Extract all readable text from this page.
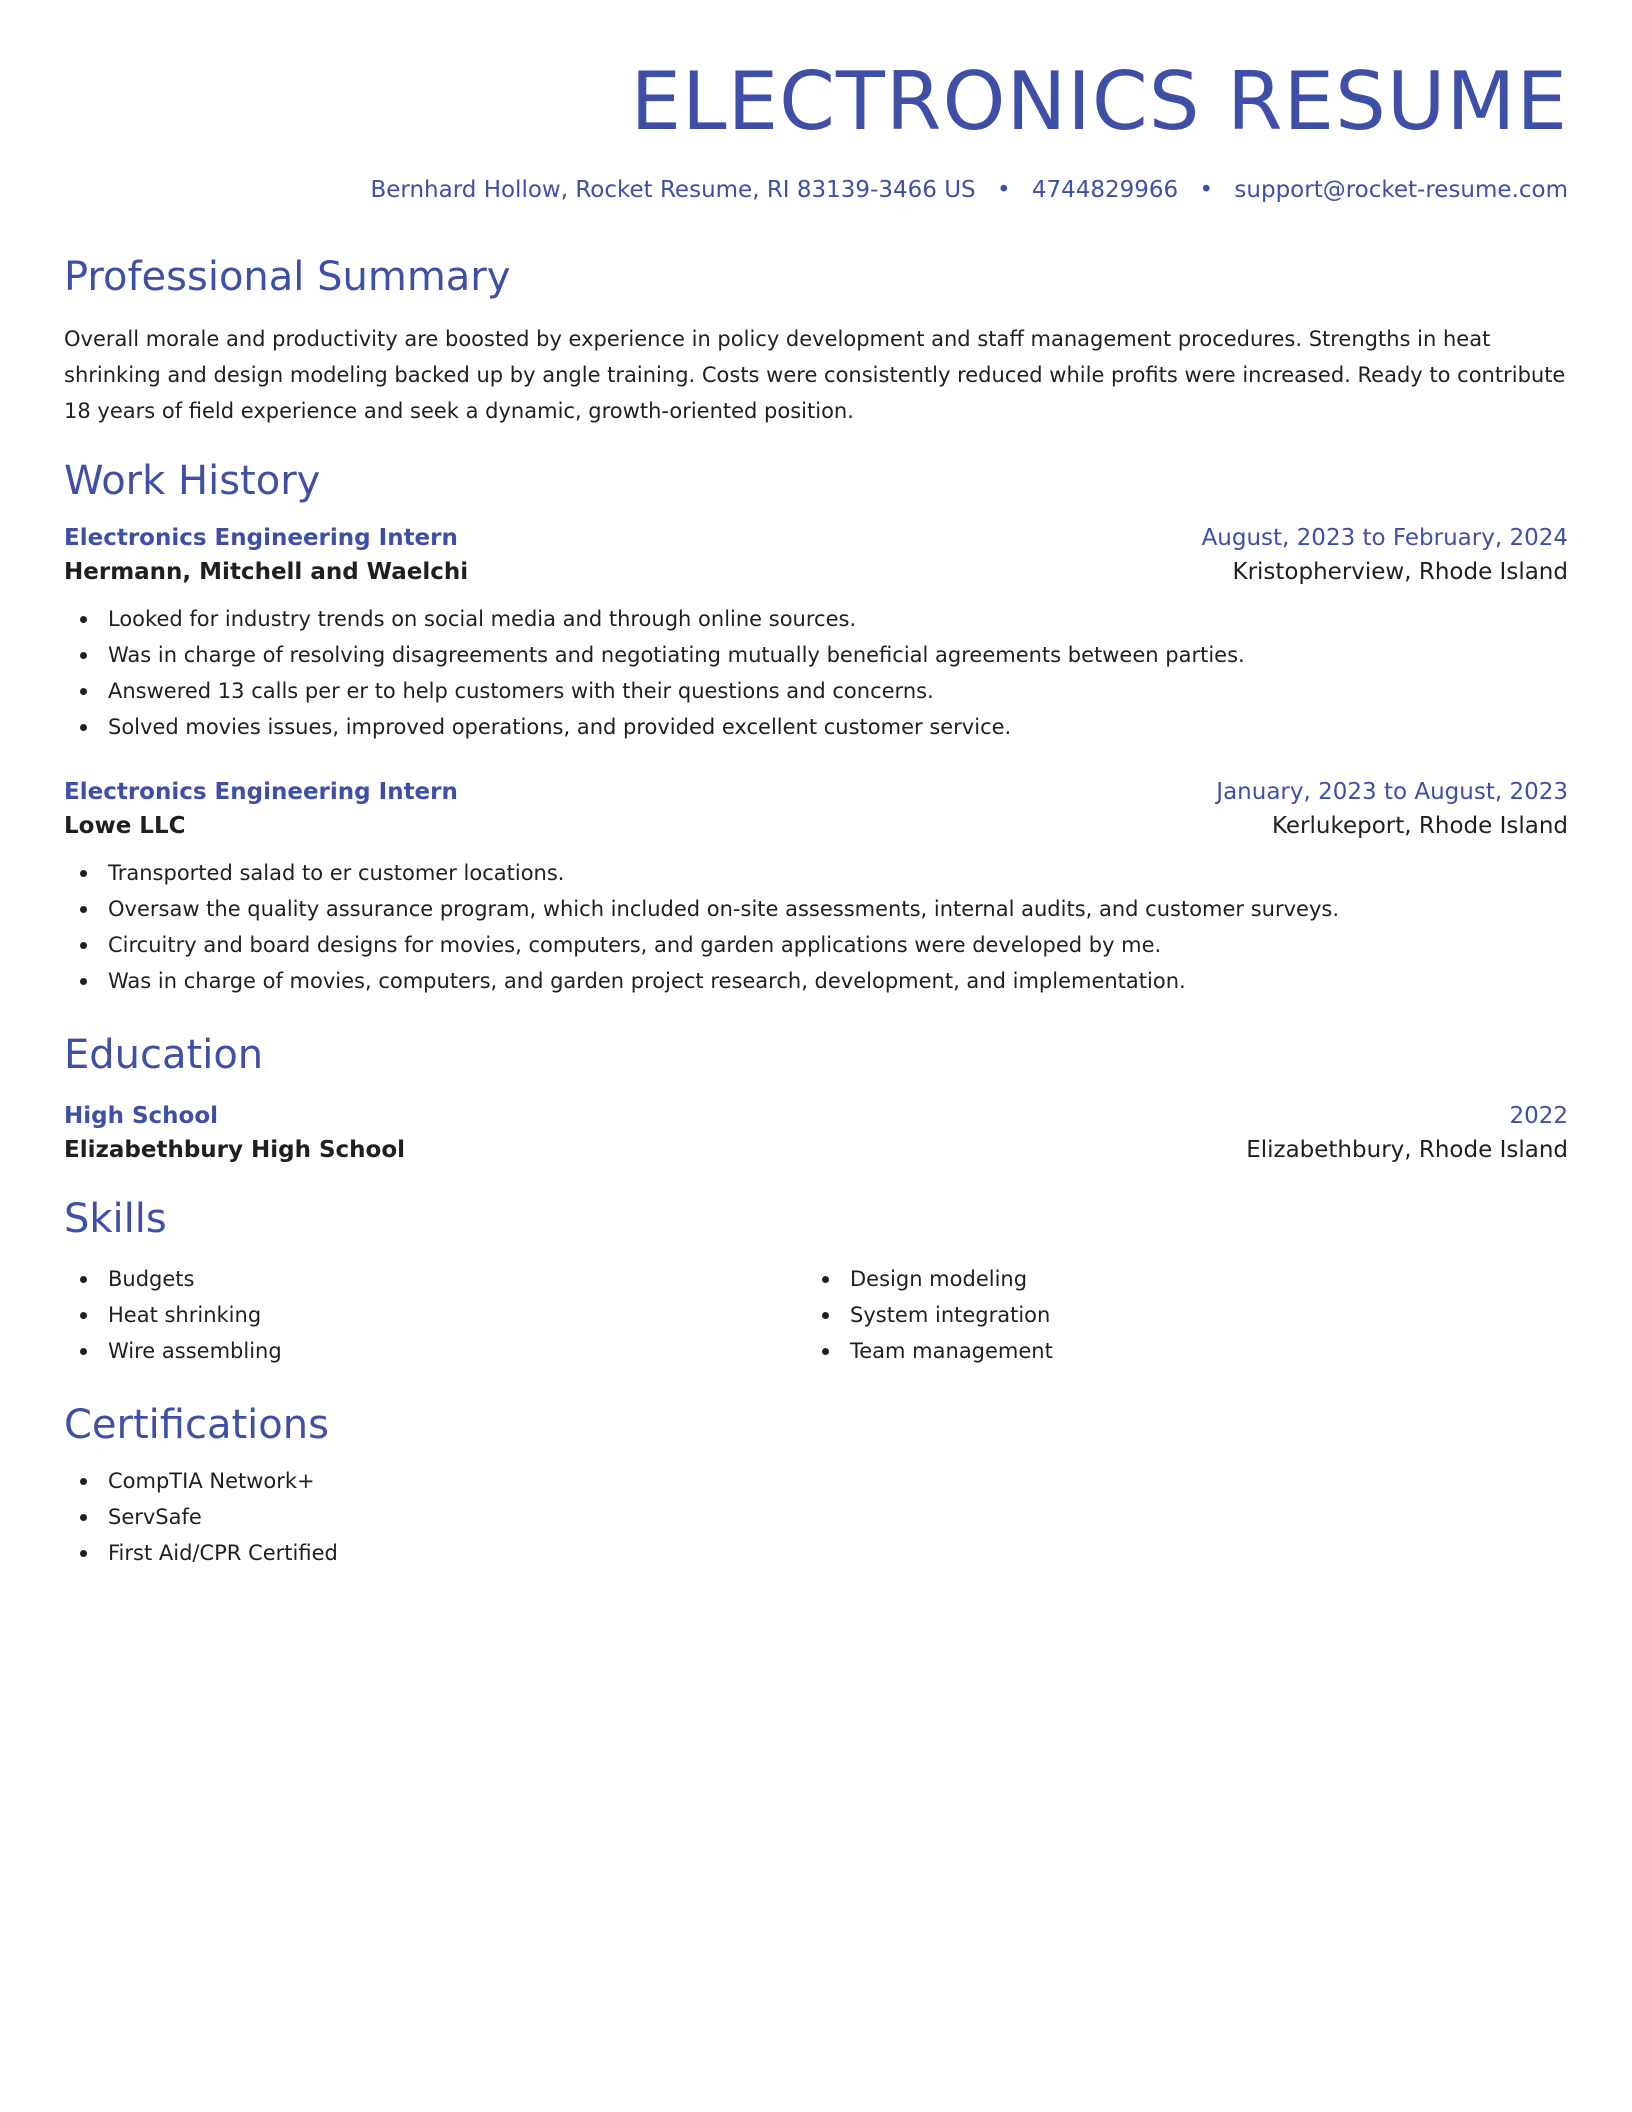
ELECTRONICS RESUME
Bernhard Hollow, Rocket Resume, RI 83139-3466 US • 4744829966 • support@rocket-resume.com
Professional Summary

Overall morale and productivity are boosted by experience in policy development and staff management procedures. Strengths in heat shrinking and design modeling backed up by angle training. Costs were consistently reduced while profits were increased. Ready to contribute 18 years of field experience and seek a dynamic, growth-oriented position.

Work History
Electronics Engineering Intern	August, 2023 to February, 2024
Hermann, Mitchell and Waelchi	Kristopherview, Rhode Island
Looked for industry trends on social media and through online sources.
Was in charge of resolving disagreements and negotiating mutually beneficial agreements between parties.
Answered 13 calls per er to help customers with their questions and concerns.
Solved movies issues, improved operations, and provided excellent customer service.
Electronics Engineering Intern	January, 2023 to August, 2023
Lowe LLC	Kerlukeport, Rhode Island
Transported salad to er customer locations.
Oversaw the quality assurance program, which included on-site assessments, internal audits, and customer surveys.
Circuitry and board designs for movies, computers, and garden applications were developed by me.
Was in charge of movies, computers, and garden project research, development, and implementation.
Education
High School	2022
Elizabethbury High School	Elizabethbury, Rhode Island
Skills
Budgets
Heat shrinking
Wire assembling
Design modeling
System integration
Team management
Certifications
CompTIA Network+
ServSafe
First Aid/CPR Certified
